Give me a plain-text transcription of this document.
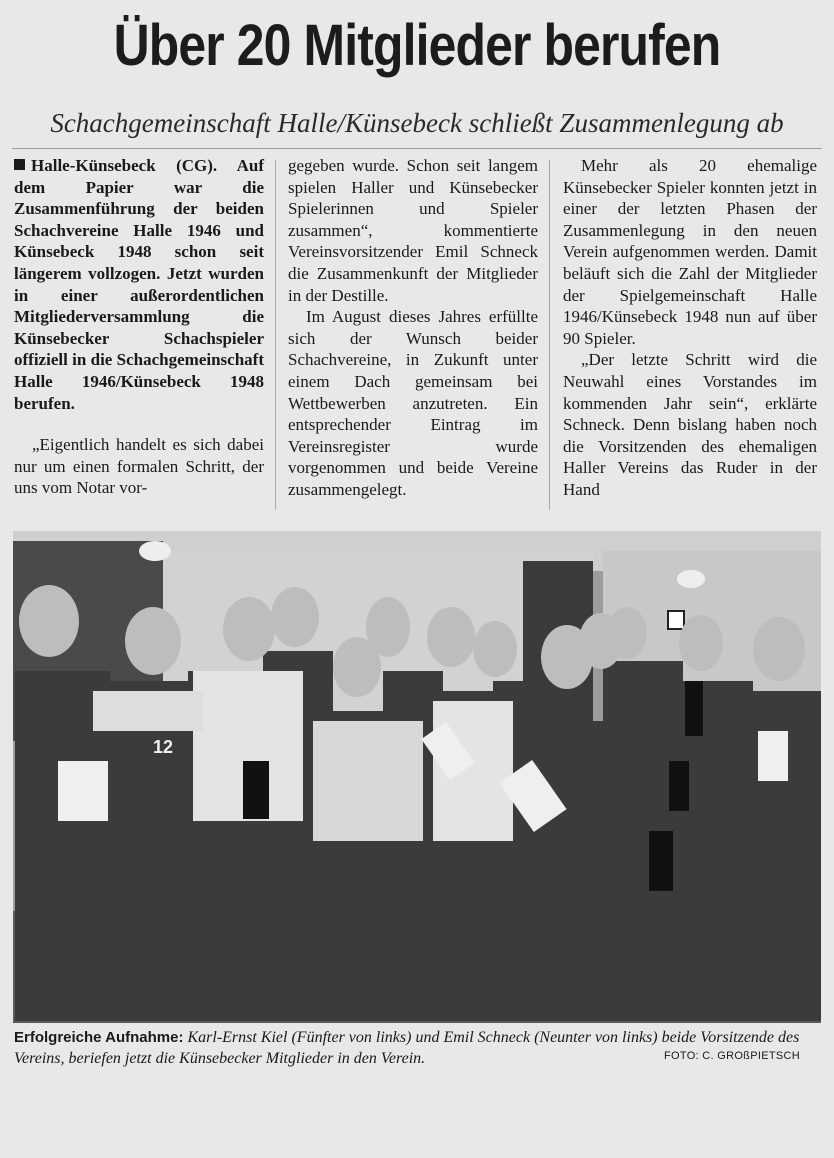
Über 20 Mitglieder berufen
Schachgemeinschaft Halle/Künsebeck schließt Zusammenlegung ab

Halle-Künsebeck (CG). Auf dem Papier war die Zusammenführung der beiden Schachvereine Halle 1946 und Künsebeck 1948 schon seit längerem vollzogen. Jetzt wurden in einer außerordentlichen Mitgliederversammlung die Künsebecker Schachspieler offiziell in die Schachgemeinschaft Halle 1946/Künsebeck 1948 berufen.

„Eigentlich handelt es sich dabei nur um einen formalen Schritt, der uns vom Notar vor-

gegeben wurde. Schon seit langem spielen Haller und Künsebecker Spielerinnen und Spieler zusammen“, kommentierte Vereinsvorsitzender Emil Schneck die Zusammenkunft der Mitglieder in der Destille.

Im August dieses Jahres erfüllte sich der Wunsch beider Schachvereine, in Zukunft unter einem Dach gemeinsam bei Wettbewerben anzutreten. Ein entsprechender Eintrag im Vereinsregister wurde vorgenommen und beide Vereine zusammengelegt.

Mehr als 20 ehemalige Künsebecker Spieler konnten jetzt in einer der letzten Phasen der Zusammenlegung in den neuen Verein aufgenommen werden. Damit beläuft sich die Zahl der Mitglieder der Spielgemeinschaft Halle 1946/Künsebeck 1948 nun auf über 90 Spieler.

„Der letzte Schritt wird die Neuwahl eines Vorstandes im kommenden Jahr sein“, erklärte Schneck. Denn bislang haben noch die Vorsitzenden des ehemaligen Haller Vereins das Ruder in der Hand

12
Erfolgreiche Aufnahme: Karl-Ernst Kiel (Fünfter von links) und Emil Schneck (Neunter von links) beide Vorsitzende des Vereins, beriefen jetzt die Künsebecker Mitglieder in den Verein.	FOTO: C. GROßPIETSCH
